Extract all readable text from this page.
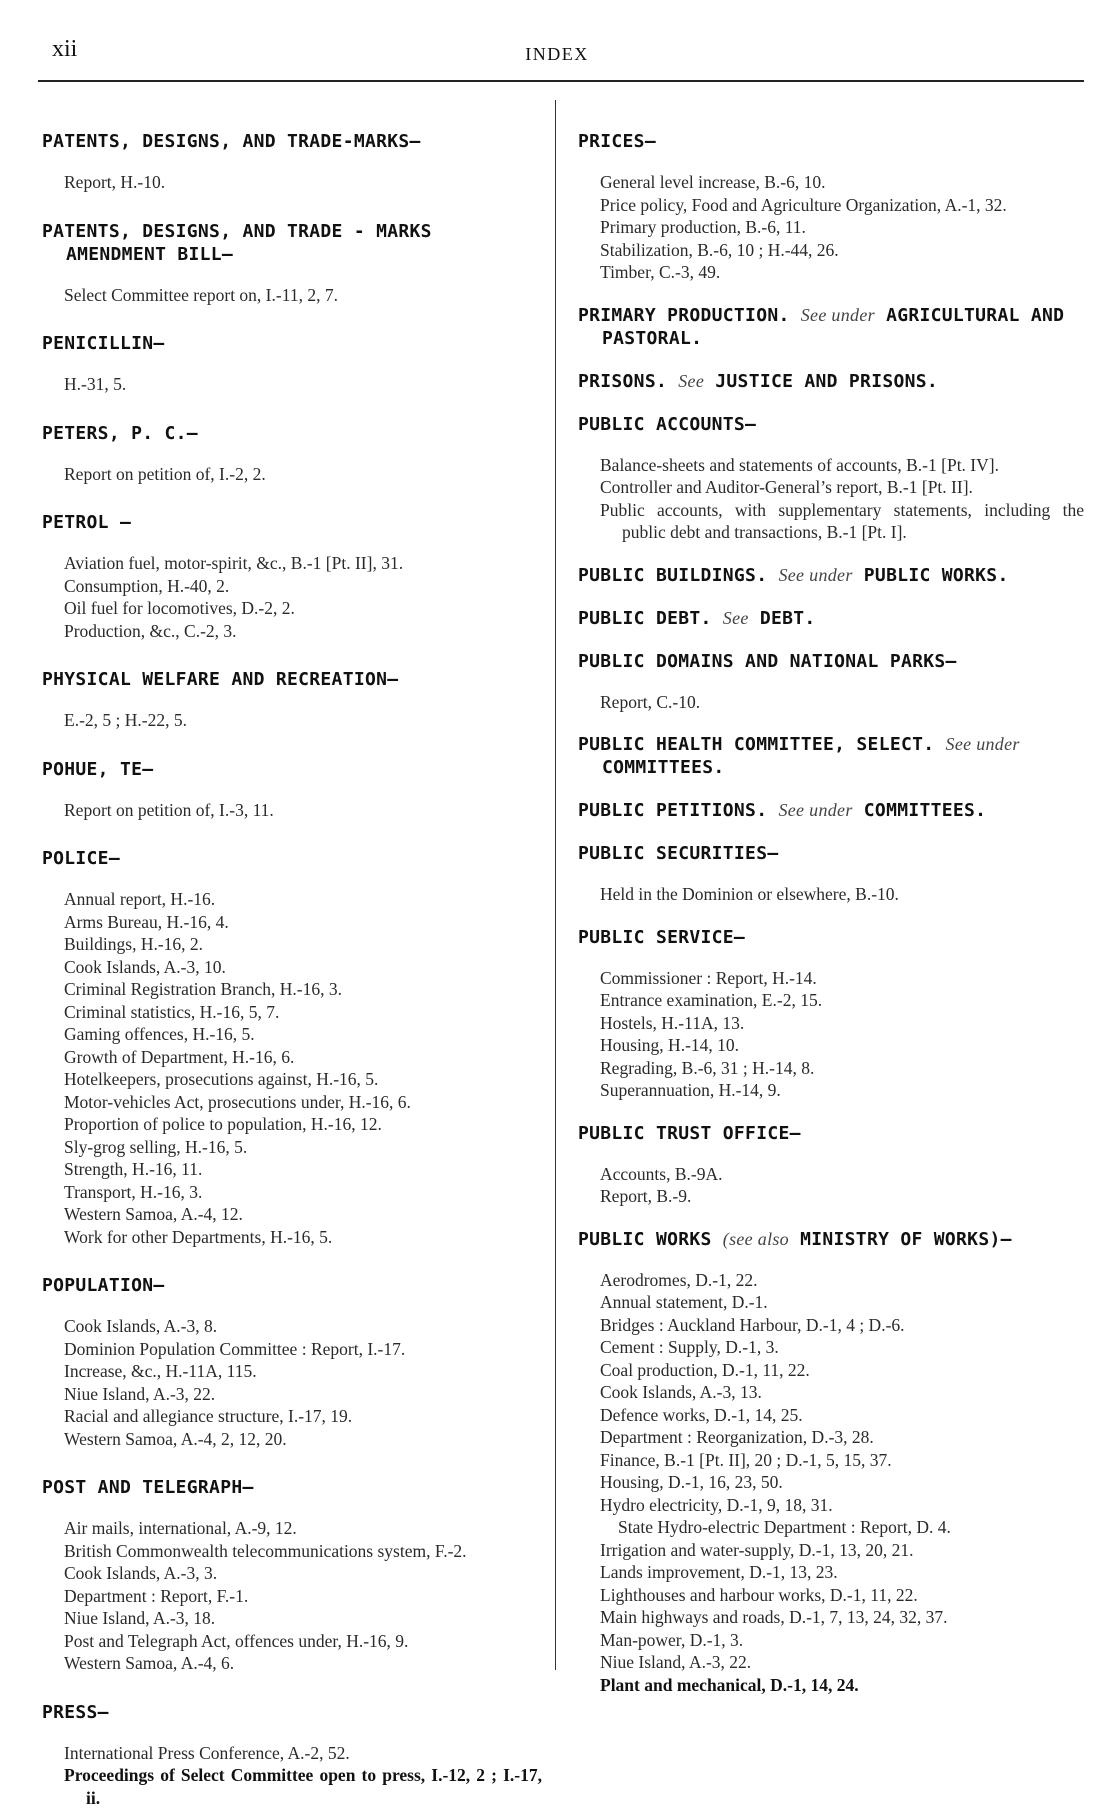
xii	INDEX

PATENTS, DESIGNS, AND TRADE-MARKS—

Report, H.-10.

PATENTS, DESIGNS, AND TRADE - MARKS AMENDMENT BILL—

Select Committee report on, I.-11, 2, 7.

PENICILLIN—

H.-31, 5.

PETERS, P. C.—

Report on petition of, I.-2, 2.

PETROL —

Aviation fuel, motor-spirit, &c., B.-1 [Pt. II], 31.

Consumption, H.-40, 2.

Oil fuel for locomotives, D.-2, 2.

Production, &c., C.-2, 3.

PHYSICAL WELFARE AND RECREATION—

E.-2, 5 ; H.-22, 5.

POHUE, TE—

Report on petition of, I.-3, 11.

POLICE—

Annual report, H.-16.

Arms Bureau, H.-16, 4.

Buildings, H.-16, 2.

Cook Islands, A.-3, 10.

Criminal Registration Branch, H.-16, 3.

Criminal statistics, H.-16, 5, 7.

Gaming offences, H.-16, 5.

Growth of Department, H.-16, 6.

Hotelkeepers, prosecutions against, H.-16, 5.

Motor-vehicles Act, prosecutions under, H.-16, 6.

Proportion of police to population, H.-16, 12.

Sly-grog selling, H.-16, 5.

Strength, H.-16, 11.

Transport, H.-16, 3.

Western Samoa, A.-4, 12.

Work for other Departments, H.-16, 5.

POPULATION—

Cook Islands, A.-3, 8.

Dominion Population Committee : Report, I.-17.

Increase, &c., H.-11A, 115.

Niue Island, A.-3, 22.

Racial and allegiance structure, I.-17, 19.

Western Samoa, A.-4, 2, 12, 20.

POST AND TELEGRAPH—

Air mails, international, A.-9, 12.

British Commonwealth telecommunications system, F.-2.

Cook Islands, A.-3, 3.

Department : Report, F.-1.

Niue Island, A.-3, 18.

Post and Telegraph Act, offences under, H.-16, 9.

Western Samoa, A.-4, 6.

PRESS—

International Press Conference, A.-2, 52.

Proceedings of Select Committee open to press, I.-12, 2 ; I.-17, ii.

PRICES—

General level increase, B.-6, 10.

Price policy, Food and Agriculture Organization, A.-1, 32.

Primary production, B.-6, 11.

Stabilization, B.-6, 10 ; H.-44, 26.

Timber, C.-3, 49.

PRIMARY PRODUCTION. See under AGRICULTURAL AND PASTORAL.

PRISONS. See JUSTICE AND PRISONS.

PUBLIC ACCOUNTS—

Balance-sheets and statements of accounts, B.-1 [Pt. IV].

Controller and Auditor-General’s report, B.-1 [Pt. II].

Public accounts, with supplementary statements, including the public debt and transactions, B.-1 [Pt. I].

PUBLIC BUILDINGS. See under PUBLIC WORKS.

PUBLIC DEBT. See DEBT.

PUBLIC DOMAINS AND NATIONAL PARKS—

Report, C.-10.

PUBLIC HEALTH COMMITTEE, SELECT. See under COMMITTEES.

PUBLIC PETITIONS. See under COMMITTEES.

PUBLIC SECURITIES—

Held in the Dominion or elsewhere, B.-10.

PUBLIC SERVICE—

Commissioner : Report, H.-14.

Entrance examination, E.-2, 15.

Hostels, H.-11A, 13.

Housing, H.-14, 10.

Regrading, B.-6, 31 ; H.-14, 8.

Superannuation, H.-14, 9.

PUBLIC TRUST OFFICE—

Accounts, B.-9A.

Report, B.-9.

PUBLIC WORKS (see also MINISTRY OF WORKS)—

Aerodromes, D.-1, 22.

Annual statement, D.-1.

Bridges : Auckland Harbour, D.-1, 4 ; D.-6.

Cement : Supply, D.-1, 3.

Coal production, D.-1, 11, 22.

Cook Islands, A.-3, 13.

Defence works, D.-1, 14, 25.

Department : Reorganization, D.-3, 28.

Finance, B.-1 [Pt. II], 20 ; D.-1, 5, 15, 37.

Housing, D.-1, 16, 23, 50.

Hydro electricity, D.-1, 9, 18, 31.

State Hydro-electric Department : Report, D. 4.

Irrigation and water-supply, D.-1, 13, 20, 21.

Lands improvement, D.-1, 13, 23.

Lighthouses and harbour works, D.-1, 11, 22.

Main highways and roads, D.-1, 7, 13, 24, 32, 37.

Man-power, D.-1, 3.

Niue Island, A.-3, 22.

Plant and mechanical, D.-1, 14, 24.
